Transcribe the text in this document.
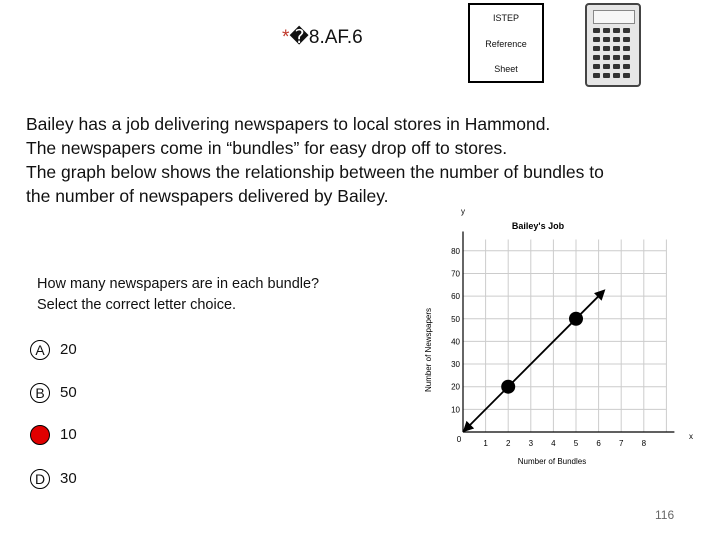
*�8.AF.6
ISTEP
Reference
Sheet
Bailey has a job delivering newspapers to local stores in Hammond.
The newspapers come in “bundles” for easy drop off to stores.
The graph below shows the relationship between the number of bundles to
the number of newspapers delivered by Bailey.
How many newspapers are in each bundle?
Select the correct letter choice.
A	20
B	50
10
D 30
Bailey's Job
Number of Bundles
Number of Newspapers
y
x
0	1 2 3 4 5 6 7 8
10
20
30
40
50
60
70
80
116
